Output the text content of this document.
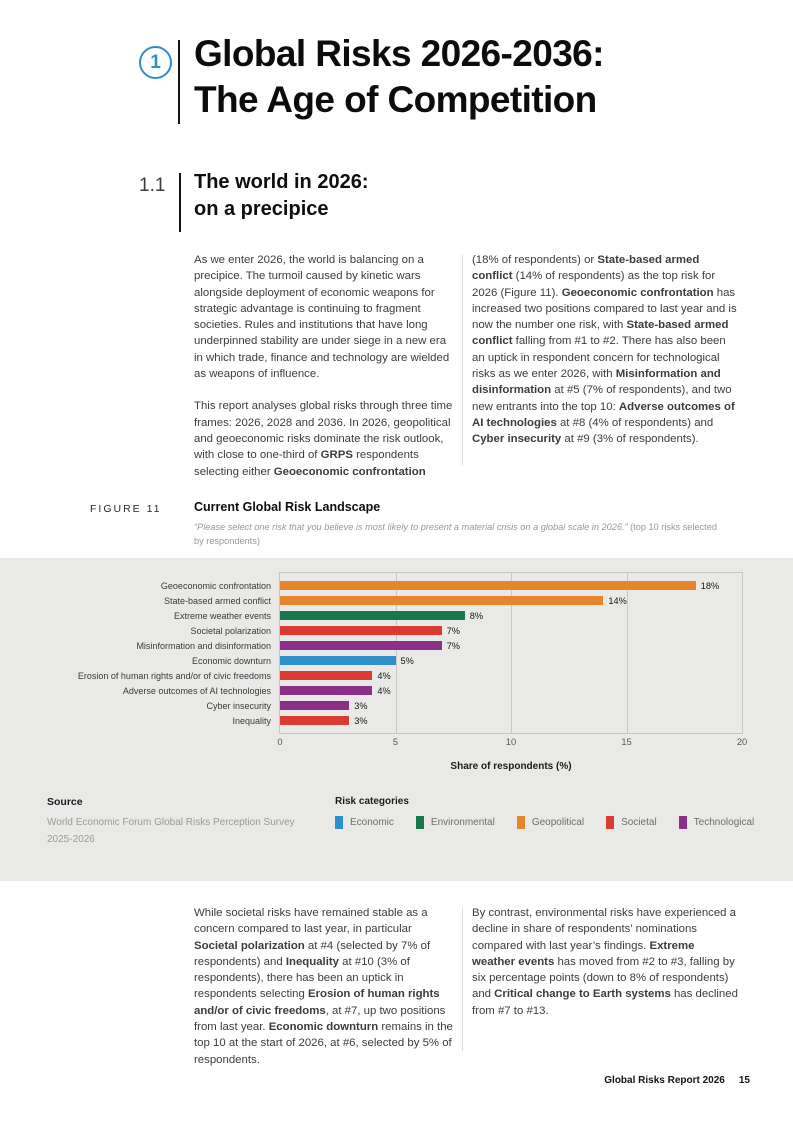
1 Global Risks 2026-2036:
The Age of Competition
1.1 The world in 2026:
on a precipice

As we enter 2026, the world is balancing on a precipice. The turmoil caused by kinetic wars alongside deployment of economic weapons for strategic advantage is continuing to fragment societies. Rules and institutions that have long underpinned stability are under siege in a new era in which trade, finance and technology are wielded as weapons of influence.

This report analyses global risks through three time frames: 2026, 2028 and 2036. In 2026, geopolitical and geoeconomic risks dominate the risk outlook, with close to one-third of GRPS respondents selecting either Geoeconomic confrontation

(18% of respondents) or State-based armed conflict (14% of respondents) as the top risk for 2026 (Figure 11). Geoeconomic confrontation has increased two positions compared to last year and is now the number one risk, with State-based armed conflict falling from #1 to #2. There has also been an uptick in respondent concern for technological risks as we enter 2026, with Misinformation and disinformation at #5 (7% of respondents), and two new entrants into the top 10: Adverse outcomes of AI technologies at #8 (4% of respondents) and Cyber insecurity at #9 (3% of respondents).

FIGURE 11	Current Global Risk Landscape
“Please select one risk that you believe is most likely to present a material crisis on a global scale in 2026.” (top 10 risks selected by respondents)
Geoeconomic confrontation
State-based armed conflict
Extreme weather events
Societal polarization
Misinformation and disinformation
Economic downturn
Erosion of human rights and/or of civic freedoms
Adverse outcomes of AI technologies
Cyber insecurity
Inequality
18%
14%
8%
7%
7%
5%
4%
4%
3%
3%
0	5	10	15	20
Share of respondents (%)
Source
World Economic Forum Global Risks Perception Survey
2025-2026
Risk categories
Economic	Environmental	Geopolitical	Societal	Technological

While societal risks have remained stable as a concern compared to last year, in particular Societal polarization at #4 (selected by 7% of respondents) and Inequality at #10 (3% of respondents), there has been an uptick in respondents selecting Erosion of human rights and/or of civic freedoms, at #7, up two positions from last year. Economic downturn remains in the top 10 at the start of 2026, at #6, selected by 5% of respondents.

By contrast, environmental risks have experienced a decline in share of respondents’ nominations compared with last year’s findings. Extreme weather events has moved from #2 to #3, falling by six percentage points (down to 8% of respondents) and Critical change to Earth systems has declined from #7 to #13.

Global Risks Report 2026 15
